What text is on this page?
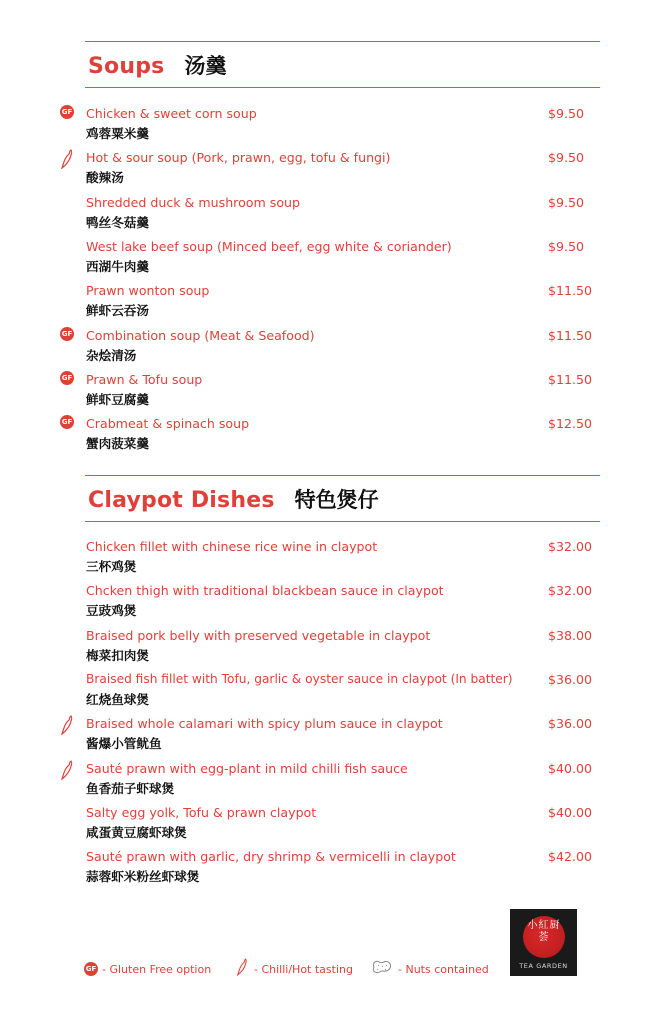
Soups 汤羹
GF Chicken & sweet corn soup
鸡蓉粟米羹
$9.50
Hot & sour soup (Pork, prawn, egg, tofu & fungi)
酸辣汤
$9.50
Shredded duck & mushroom soup
鸭丝冬菇羹
$9.50
West lake beef soup (Minced beef, egg white & coriander)
西湖牛肉羹
$9.50
Prawn wonton soup
鲜虾云吞汤
$11.50
GF Combination soup (Meat & Seafood)
杂烩清汤
$11.50
GF Prawn & Tofu soup
鲜虾豆腐羹
$11.50
GF Crabmeat & spinach soup
蟹肉菠菜羹
$12.50
Claypot Dishes 特色煲仔
Chicken fillet with chinese rice wine in claypot
三杯鸡煲
$32.00
Chcken thigh with traditional blackbean sauce in claypot
豆豉鸡煲
$32.00
Braised pork belly with preserved vegetable in claypot
梅菜扣肉煲
$38.00
Braised fish fillet with Tofu, garlic & oyster sauce in claypot (In batter)
红烧鱼球煲
$36.00
Braised whole calamari with spicy plum sauce in claypot
酱爆小管鱿鱼
$36.00
Sauté prawn with egg-plant in mild chilli fish sauce
鱼香茄子虾球煲
$40.00
Salty egg yolk, Tofu & prawn claypot
咸蛋黄豆腐虾球煲
$40.00
Sauté prawn with garlic, dry shrimp & vermicelli in claypot
蒜蓉虾米粉丝虾球煲
$42.00
小紅厨荟
TEA GARDEN
GF - Gluten Free option	- Chilli/Hot tasting	- Nuts contained
